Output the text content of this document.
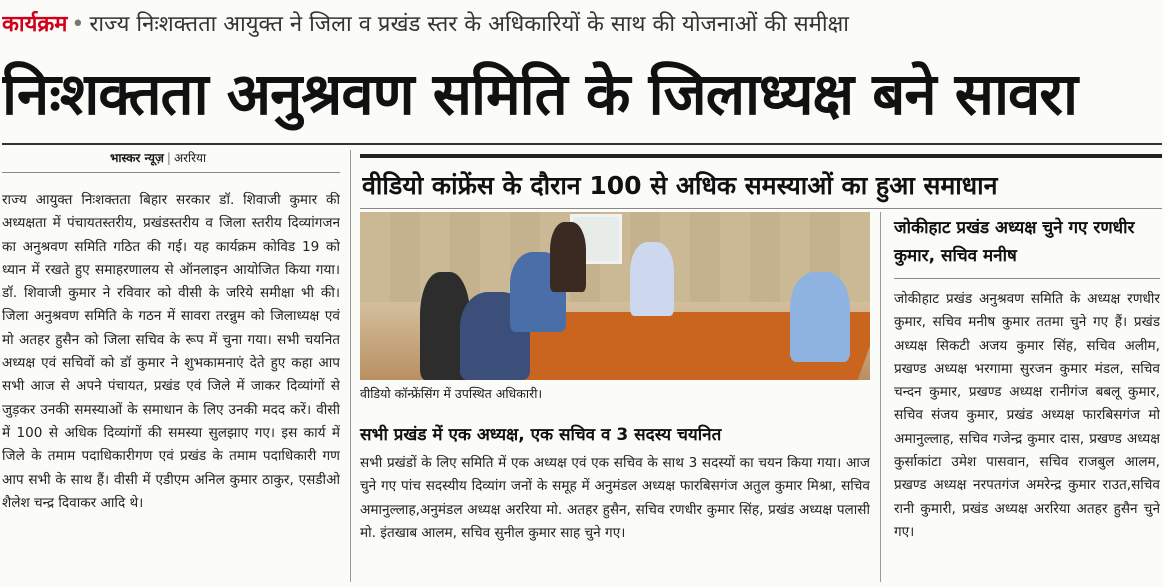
कार्यक्रम • राज्य निःशक्तता आयुक्त ने जिला व प्रखंड स्तर के अधिकारियों के साथ की योजनाओं की समीक्षा
निःशक्तता अनुश्रवण समिति के जिलाध्यक्ष बने सावरा
भास्कर न्यूज़ | अररिया
राज्य आयुक्त निःशक्तता बिहार सरकार डॉ. शिवाजी कुमार की अध्यक्षता में पंचायतस्तरीय, प्रखंडस्तरीय व जिला स्तरीय दिव्यांगजन का अनुश्रवण समिति गठित की गई। यह कार्यक्रम कोविड 19 को ध्यान में रखते हुए समाहरणालय से ऑनलाइन आयोजित किया गया। डॉ. शिवाजी कुमार ने रविवार को वीसी के जरिये समीक्षा भी की। जिला अनुश्रवण समिति के गठन में सावरा तरन्नुम को जिलाध्यक्ष एवं मो अतहर हुसैन को जिला सचिव के रूप में चुना गया। सभी चयनित अध्यक्ष एवं सचिवों को डॉ कुमार ने शुभकामनाएं देते हुए कहा आप सभी आज से अपने पंचायत, प्रखंड एवं जिले में जाकर दिव्यांगों से जुड़कर उनकी समस्याओं के समाधान के लिए उनकी मदद करें। वीसी में 100 से अधिक दिव्यांगों की समस्या सुलझाए गए। इस कार्य में जिले के तमाम पदाधिकारीगण एवं प्रखंड के तमाम पदाधिकारी गण आप सभी के साथ हैं। वीसी में एडीएम अनिल कुमार ठाकुर, एसडीओ शैलेश चन्द्र दिवाकर आदि थे।
वीडियो कांफ्रेंस के दौरान 100 से अधिक समस्याओं का हुआ समाधान
वीडियो कॉन्फ्रेंसिंग में उपस्थित अधिकारी।
सभी प्रखंड में एक अध्यक्ष, एक सचिव व 3 सदस्य चयनित
सभी प्रखंडों के लिए समिति में एक अध्यक्ष एवं एक सचिव के साथ 3 सदस्यों का चयन किया गया। आज चुने गए पांच सदस्यीय दिव्यांग जनों के समूह में अनुमंडल अध्यक्ष फारबिसगंज अतुल कुमार मिश्रा, सचिव अमानुल्लाह,अनुमंडल अध्यक्ष अररिया मो. अतहर हुसैन, सचिव रणधीर कुमार सिंह, प्रखंड अध्यक्ष पलासी मो. इंतखाब आलम, सचिव सुनील कुमार साह चुने गए।
जोकीहाट प्रखंड अध्यक्ष चुने गए रणधीर कुमार, सचिव मनीष
जोकीहाट प्रखंड अनुश्रवण समिति के अध्यक्ष रणधीर कुमार, सचिव मनीष कुमार ततमा चुने गए हैं। प्रखंड अध्यक्ष सिकटी अजय कुमार सिंह, सचिव अलीम, प्रखण्ड अध्यक्ष भरगामा सुरजन कुमार मंडल, सचिव चन्दन कुमार, प्रखण्ड अध्यक्ष रानीगंज बबलू कुमार, सचिव संजय कुमार, प्रखंड अध्यक्ष फारबिसगंज मो अमानुल्लाह, सचिव गजेन्द्र कुमार दास, प्रखण्ड अध्यक्ष कुर्साकांटा उमेश पासवान, सचिव राजबुल आलम, प्रखण्ड अध्यक्ष नरपतगंज अमरेन्द्र कुमार राउत,सचिव रानी कुमारी, प्रखंड अध्यक्ष अररिया अतहर हुसैन चुने गए।
